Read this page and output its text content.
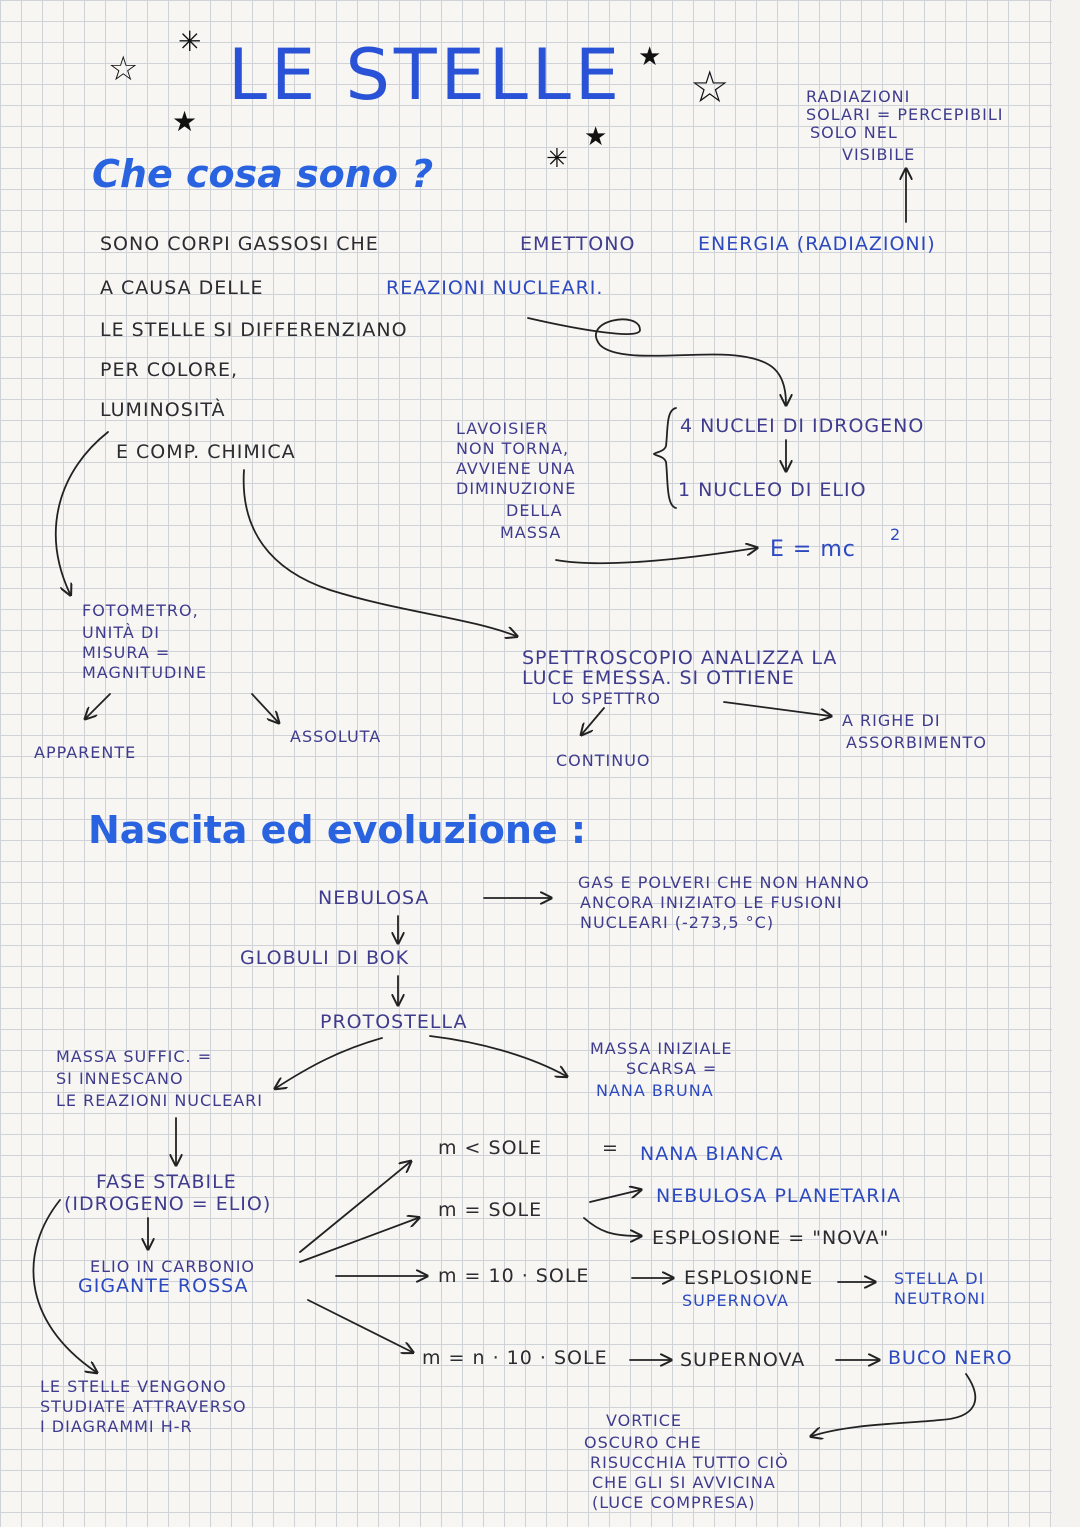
LE STELLE
☆
✳
★
★
☆
★
✳
Che cosa sono ?
RADIAZIONI
SOLARI = PERCEPIBILI
SOLO NEL
VISIBILE
SONO CORPI GASSOSI CHE	EMETTONO	ENERGIA (RADIAZIONI)
A CAUSA DELLE	REAZIONI NUCLEARI.
LE STELLE SI DIFFERENZIANO
PER COLORE,
LUMINOSITÀ
E COMP. CHIMICA
LAVOISIER
NON TORNA,
AVVIENE UNA
DIMINUZIONE
DELLA
MASSA
4 NUCLEI DI IDROGENO
1 NUCLEO DI ELIO
E = mc
2
FOTOMETRO,
UNITÀ DI
MISURA =
MAGNITUDINE
APPARENTE
ASSOLUTA
SPETTROSCOPIO ANALIZZA LA
LUCE EMESSA. SI OTTIENE
LO SPETTRO
CONTINUO
A RIGHE DI
ASSORBIMENTO
Nascita ed evoluzione :
NEBULOSA
GAS E POLVERI CHE NON HANNO
ANCORA INIZIATO LE FUSIONI
NUCLEARI (-273,5 °C)
GLOBULI DI BOK
PROTOSTELLA
MASSA SUFFIC. =
SI INNESCANO
LE REAZIONI NUCLEARI
MASSA INIZIALE
SCARSA =
NANA BRUNA
FASE STABILE
(IDROGENO = ELIO)
ELIO IN CARBONIO
GIGANTE ROSSA
m < SOLE	= NANA BIANCA
m = SOLE
NEBULOSA PLANETARIA
ESPLOSIONE = "NOVA"
m = 10 · SOLE	ESPLOSIONE
SUPERNOVA
STELLA DI
NEUTRONI
m = n · 10 · SOLE	SUPERNOVA	BUCO NERO
VORTICE
OSCURO CHE
RISUCCHIA TUTTO CIÒ
CHE GLI SI AVVICINA
(LUCE COMPRESA)
LE STELLE VENGONO
STUDIATE ATTRAVERSO
I DIAGRAMMI H-R
